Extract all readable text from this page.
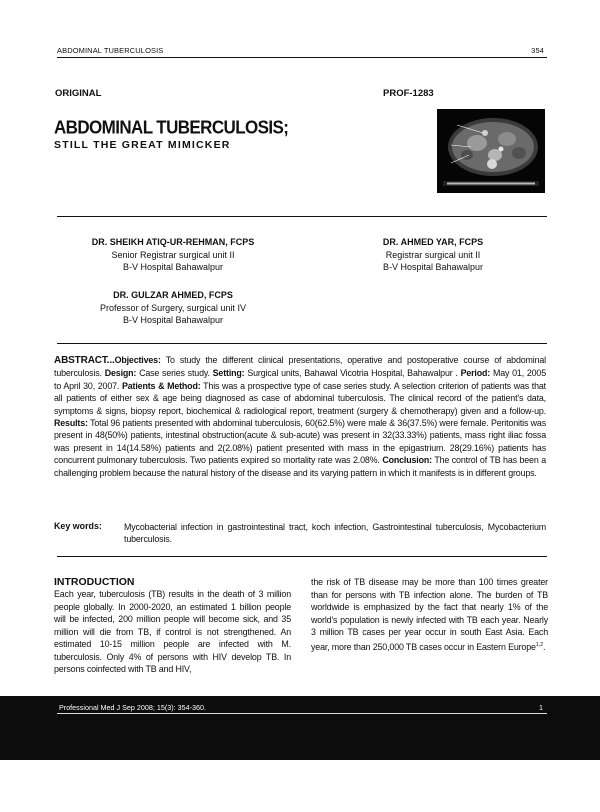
ABDOMINAL TUBERCULOSIS	354
ORIGINAL	PROF-1283
ABDOMINAL TUBERCULOSIS;
STILL THE GREAT MIMICKER
DR. SHEIKH ATIQ-UR-REHMAN, FCPS
Senior Registrar surgical unit II
B-V Hospital Bahawalpur
DR. AHMED YAR, FCPS
Registrar surgical unit II
B-V Hospital Bahawalpur
DR. GULZAR AHMED, FCPS
Professor of Surgery, surgical unit IV
B-V Hospital Bahawalpur
ABSTRACT...Objectives: To study the different clinical presentations, operative and postoperative course of abdominal tuberculosis. Design: Case series study. Setting: Surgical units, Bahawal Vicotria Hospital, Bahawalpur . Period: May 01, 2005 to April 30, 2007. Patients & Method: This was a prospective type of case series study. A selection criterion of patients was that all patients of either sex & age being diagnosed as case of abdominal tuberculosis. The clinical record of the patient's data, symptoms & signs, biopsy report, biochemical & radiological report, treatment (surgery & chemotherapy) given and a follow-up. Results: Total 96 patients presented with abdominal tuberculosis, 60(62.5%) were male & 36(37.5%) were female. Peritonitis was present in 48(50%) patients, intestinal obstruction(acute & sub-acute) was present in 32(33.33%) patients, mass right iliac fossa was present in 14(14.58%) patients and 2(2.08%) patient presented with mass in the epigastrium. 28(29.16%) patients has concurrent pulmonary tuberculosis. Two patients expired so mortality rate was 2.08%. Conclusion: The control of TB has been a challenging problem because the natural history of the disease and its varying pattern in which it manifests is in different groups.
Key words: Mycobacterial infection in gastrointestinal tract, koch infection, Gastrointestinal tuberculosis, Mycobacterium tuberculosis.
INTRODUCTION
Each year, tuberculosis (TB) results in the death of 3 million people globally. In 2000-2020, an estimated 1 billion people will be infected, 200 million people will become sick, and 35 million will die from TB, if control is not strengthened. An estimated 10-15 million people are infected with M. tuberculosis. Only 4% of persons with HIV develop TB. In persons coinfected with TB and HIV,
the risk of TB disease may be more than 100 times greater than for persons with TB infection alone. The burden of TB worldwide is emphasized by the fact that nearly 1% of the world's population is newly infected with TB each year. Nearly 3 million TB cases per year occur in south East Asia. Each year, more than 250,000 TB cases occur in Eastern Europe$^{1,2}$.
Professional Med J Sep 2008; 15(3): 354-360.	1
